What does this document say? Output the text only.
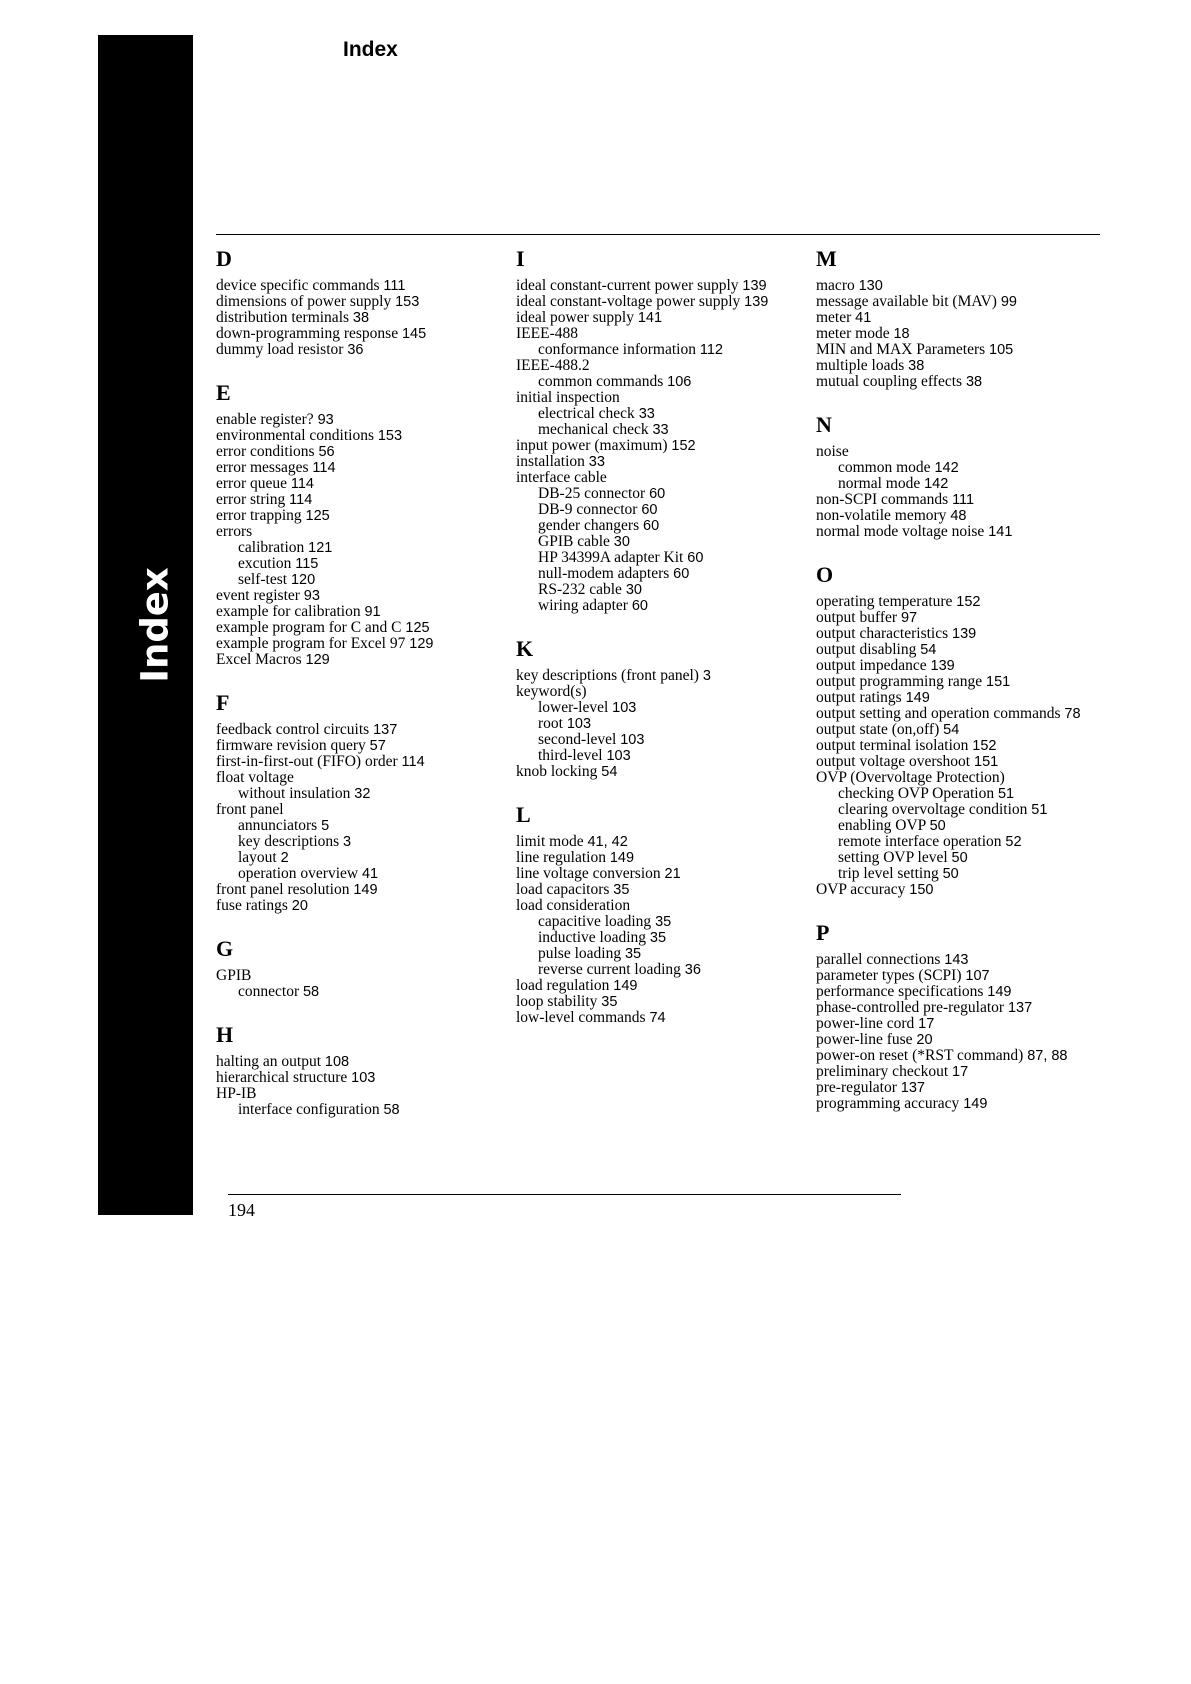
Index
Index
D
device specific commands 111
dimensions of power supply 153
distribution terminals 38
down-programming response 145
dummy load resistor 36
E
enable register? 93
environmental conditions 153
error conditions 56
error messages 114
error queue 114
error string 114
error trapping 125
errors
calibration 121
excution 115
self-test 120
event register 93
example for calibration 91
example program for C and C 125
example program for Excel 97 129
Excel Macros 129
F
feedback control circuits 137
firmware revision query 57
first-in-first-out (FIFO) order 114
float voltage
without insulation 32
front panel
annunciators 5
key descriptions 3
layout 2
operation overview 41
front panel resolution 149
fuse ratings 20
G
GPIB
connector 58
H
halting an output 108
hierarchical structure 103
HP-IB
interface configuration 58
I
ideal constant-current power supply 139
ideal constant-voltage power supply 139
ideal power supply 141
IEEE-488
conformance information 112
IEEE-488.2
common commands 106
initial inspection
electrical check 33
mechanical check 33
input power (maximum) 152
installation 33
interface cable
DB-25 connector 60
DB-9 connector 60
gender changers 60
GPIB cable 30
HP 34399A adapter Kit 60
null-modem adapters 60
RS-232 cable 30
wiring adapter 60
K
key descriptions (front panel) 3
keyword(s)
lower-level 103
root 103
second-level 103
third-level 103
knob locking 54
L
limit mode 41, 42
line regulation 149
line voltage conversion 21
load capacitors 35
load consideration
capacitive loading 35
inductive loading 35
pulse loading 35
reverse current loading 36
load regulation 149
loop stability 35
low-level commands 74
M
macro 130
message available bit (MAV) 99
meter 41
meter mode 18
MIN and MAX Parameters 105
multiple loads 38
mutual coupling effects 38
N
noise
common mode 142
normal mode 142
non-SCPI commands 111
non-volatile memory 48
normal mode voltage noise 141
O
operating temperature 152
output buffer 97
output characteristics 139
output disabling 54
output impedance 139
output programming range 151
output ratings 149
output setting and operation commands 78
output state (on,off) 54
output terminal isolation 152
output voltage overshoot 151
OVP (Overvoltage Protection)
checking OVP Operation 51
clearing overvoltage condition 51
enabling OVP 50
remote interface operation 52
setting OVP level 50
trip level setting 50
OVP accuracy 150
P
parallel connections 143
parameter types (SCPI) 107
performance specifications 149
phase-controlled pre-regulator 137
power-line cord 17
power-line fuse 20
power-on reset (*RST command) 87, 88
preliminary checkout 17
pre-regulator 137
programming accuracy 149
194
